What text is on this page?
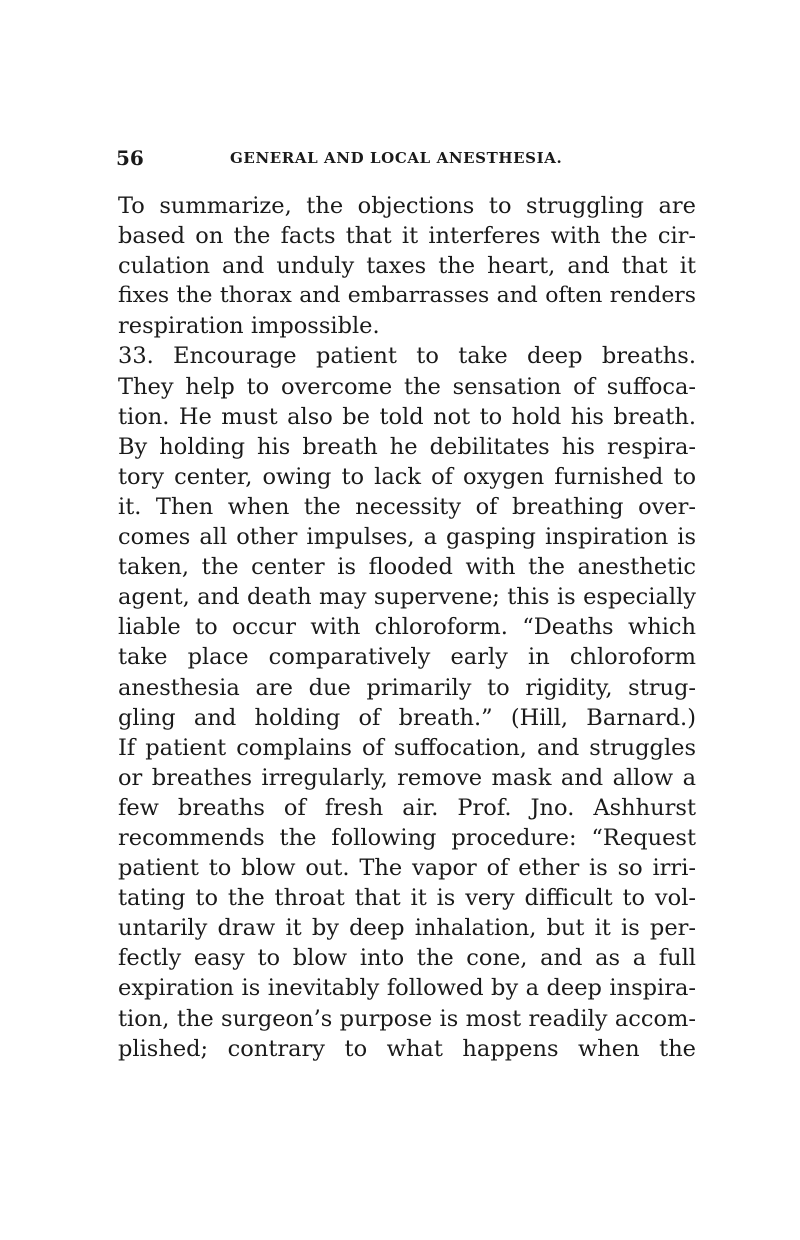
56	GENERAL AND LOCAL ANESTHESIA.
To summarize, the objections to struggling are
based on the facts that it interferes with the cir-
culation and unduly taxes the heart, and that it
fixes the thorax and embarrasses and often renders
respiration impossible.
33. Encourage patient to take deep breaths.
They help to overcome the sensation of suffoca-
tion. He must also be told not to hold his breath.
By holding his breath he debilitates his respira-
tory center, owing to lack of oxygen furnished to
it. Then when the necessity of breathing over-
comes all other impulses, a gasping inspiration is
taken, the center is flooded with the anesthetic
agent, and death may supervene; this is especially
liable to occur with chloroform. “Deaths which
take place comparatively early in chloroform
anesthesia are due primarily to rigidity, strug-
gling and holding of breath.” (Hill, Barnard.)
If patient complains of suffocation, and struggles
or breathes irregularly, remove mask and allow a
few breaths of fresh air. Prof. Jno. Ashhurst
recommends the following procedure: “Request
patient to blow out. The vapor of ether is so irri-
tating to the throat that it is very difficult to vol-
untarily draw it by deep inhalation, but it is per-
fectly easy to blow into the cone, and as a full
expiration is inevitably followed by a deep inspira-
tion, the surgeon’s purpose is most readily accom-
plished; contrary to what happens when the
